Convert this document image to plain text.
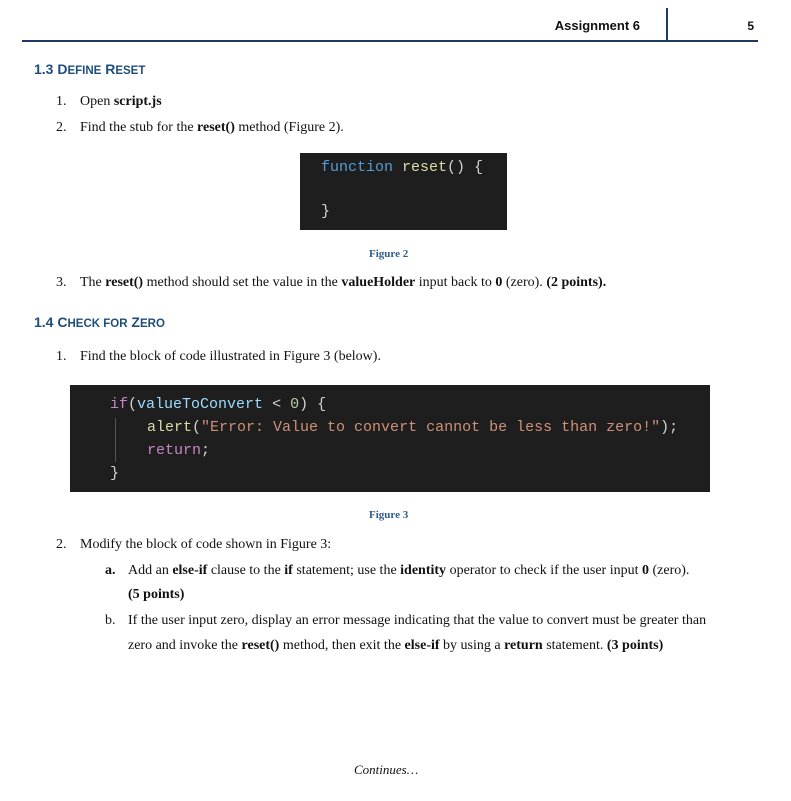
Assignment 6	5
1.3 DEFINE RESET
1. Open script.js
2. Find the stub for the reset() method (Figure 2).
function reset() {
}
Figure 2
3. The reset() method should set the value in the valueHolder input back to 0 (zero). (2 points).
1.4 CHECK FOR ZERO
1. Find the block of code illustrated in Figure 3 (below).
if(valueToConvert < 0) {
alert("Error: Value to convert cannot be less than zero!");
return;
}
Figure 3
2. Modify the block of code shown in Figure 3:
a. Add an else-if clause to the if statement; use the identity operator to check if the user input 0 (zero).
(5 points)
b. If the user input zero, display an error message indicating that the value to convert must be greater than
zero and invoke the reset() method, then exit the else-if by using a return statement. (3 points)
Continues…
